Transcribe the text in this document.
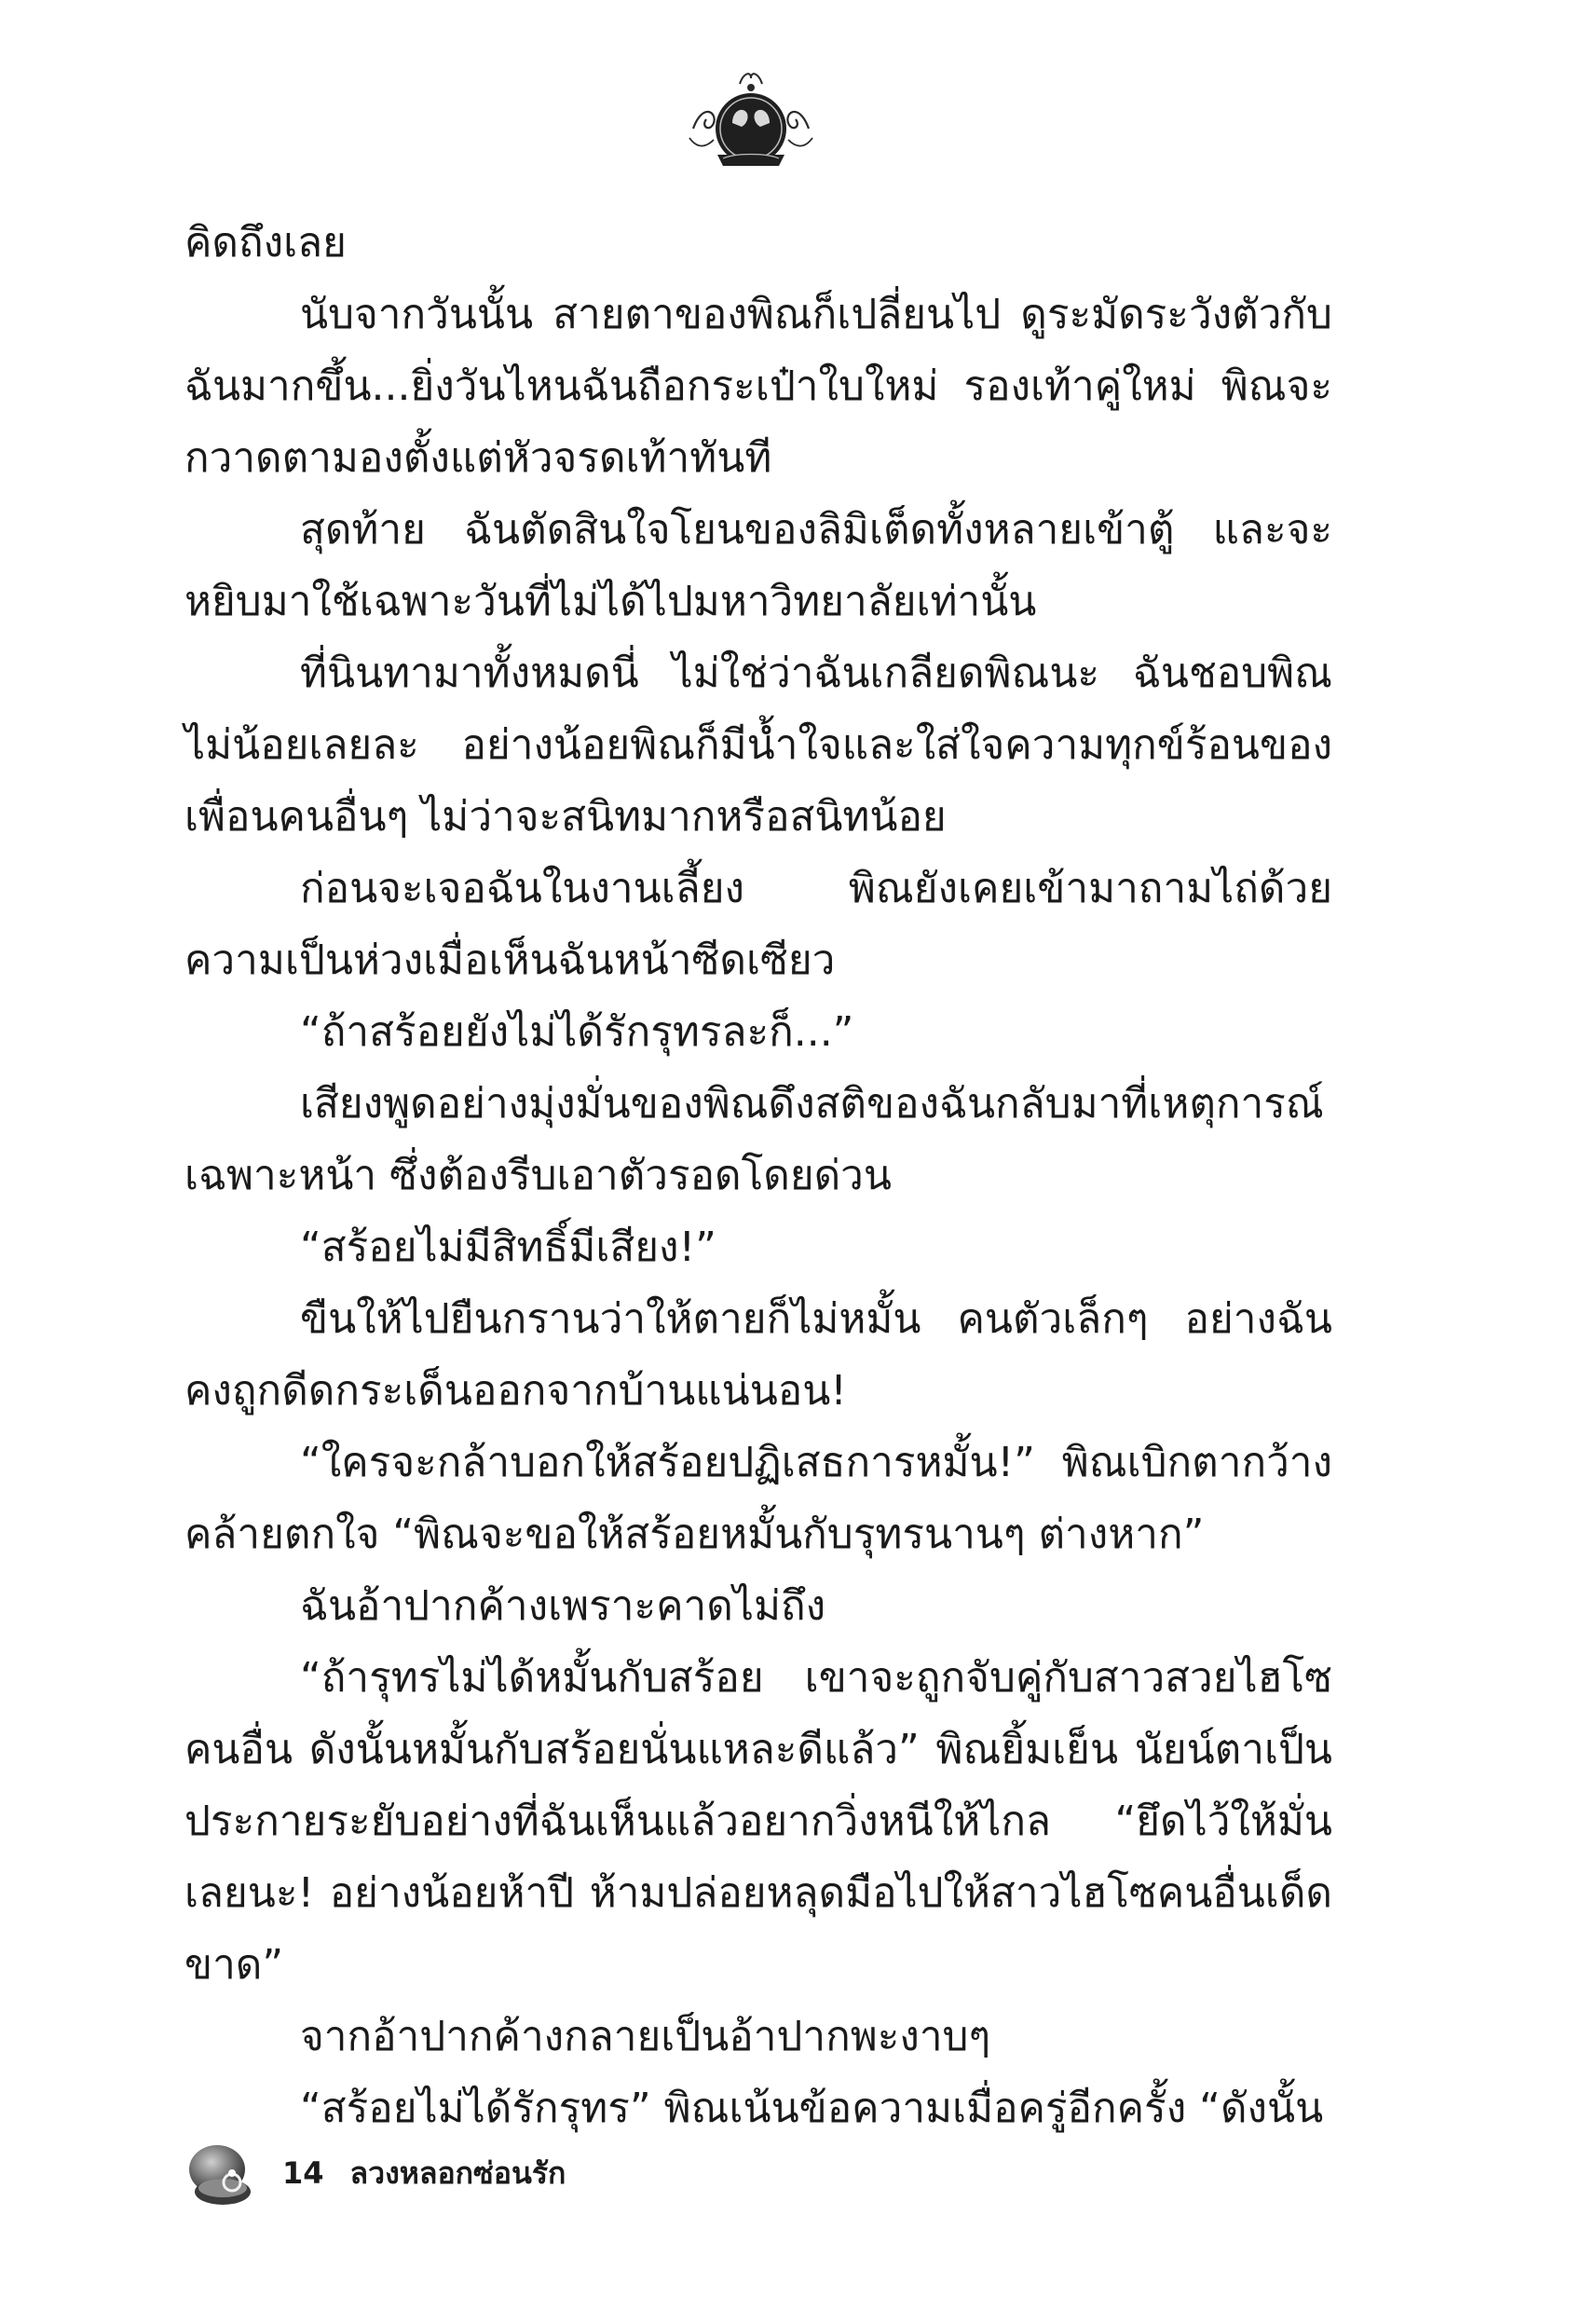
คิดถึงเลย

นับจากวันนั้น สายตาของพิณก็เปลี่ยนไป ดูระมัดระวังตัวกับฉันมากขึ้น...ยิ่งวันไหนฉันถือกระเป๋าใบใหม่ รองเท้าคู่ใหม่ พิณจะกวาดตามองตั้งแต่หัวจรดเท้าทันที

สุดท้าย ฉันตัดสินใจโยนของลิมิเต็ดทั้งหลายเข้าตู้ และจะหยิบมาใช้เฉพาะวันที่ไม่ได้ไปมหาวิทยาลัยเท่านั้น

ที่นินทามาทั้งหมดนี่ ไม่ใช่ว่าฉันเกลียดพิณนะ ฉันชอบพิณไม่น้อยเลยละ อย่างน้อยพิณก็มีน้ำใจและใส่ใจความทุกข์ร้อนของเพื่อนคนอื่นๆ ไม่ว่าจะสนิทมากหรือสนิทน้อย

ก่อนจะเจอฉันในงานเลี้ยง พิณยังเคยเข้ามาถามไถ่ด้วยความเป็นห่วงเมื่อเห็นฉันหน้าซีดเซียว

“ถ้าสร้อยยังไม่ได้รักรุทรละก็...”

เสียงพูดอย่างมุ่งมั่นของพิณดึงสติของฉันกลับมาที่เหตุการณ์เฉพาะหน้า ซึ่งต้องรีบเอาตัวรอดโดยด่วน

“สร้อยไม่มีสิทธิ์มีเสียง!”

ขืนให้ไปยืนกรานว่าให้ตายก็ไม่หมั้น คนตัวเล็กๆ อย่างฉันคงถูกดีดกระเด็นออกจากบ้านแน่นอน!

“ใครจะกล้าบอกให้สร้อยปฏิเสธการหมั้น!” พิณเบิกตากว้างคล้ายตกใจ “พิณจะขอให้สร้อยหมั้นกับรุทรนานๆ ต่างหาก”

ฉันอ้าปากค้างเพราะคาดไม่ถึง

“ถ้ารุทรไม่ได้หมั้นกับสร้อย เขาจะถูกจับคู่กับสาวสวยไฮโซคนอื่น ดังนั้นหมั้นกับสร้อยนั่นแหละดีแล้ว” พิณยิ้มเย็น นัยน์ตาเป็นประกายระยับอย่างที่ฉันเห็นแล้วอยากวิ่งหนีให้ไกล “ยึดไว้ให้มั่นเลยนะ! อย่างน้อยห้าปี ห้ามปล่อยหลุดมือไปให้สาวไฮโซคนอื่นเด็ดขาด”

จากอ้าปากค้างกลายเป็นอ้าปากพะงาบๆ

“สร้อยไม่ได้รักรุทร” พิณเน้นข้อความเมื่อครู่อีกครั้ง “ดังนั้น

14 ลวงหลอกซ่อนรัก
